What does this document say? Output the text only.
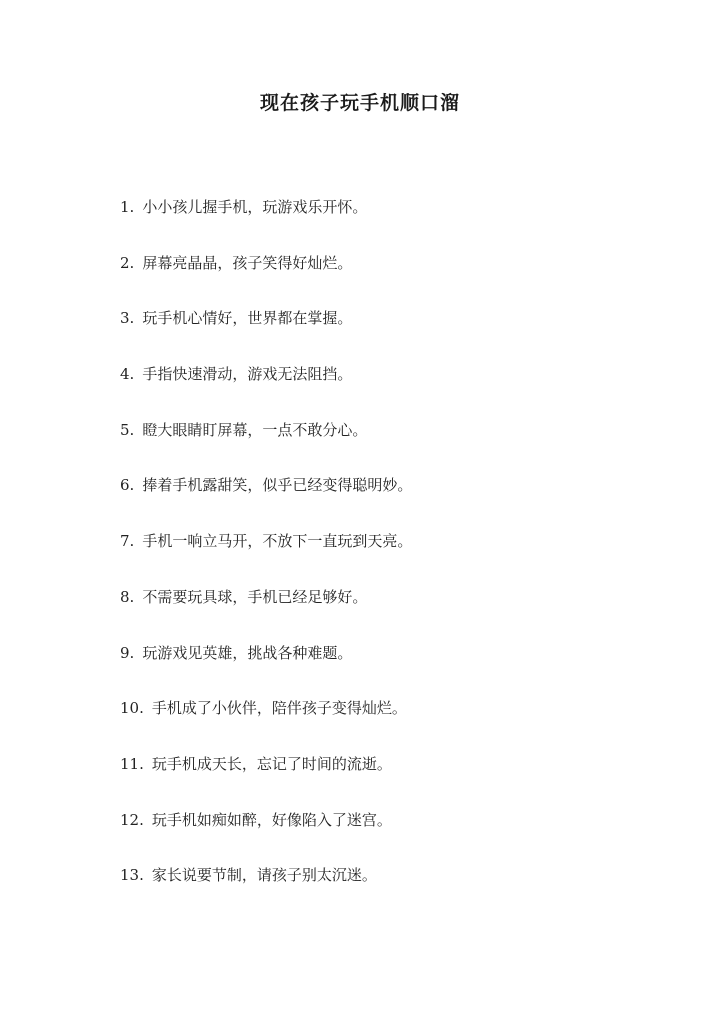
现在孩子玩手机顺口溜
1. 小小孩儿握手机，玩游戏乐开怀。
2. 屏幕亮晶晶，孩子笑得好灿烂。
3. 玩手机心情好，世界都在掌握。
4. 手指快速滑动，游戏无法阻挡。
5. 瞪大眼睛盯屏幕，一点不敢分心。
6. 捧着手机露甜笑，似乎已经变得聪明妙。
7. 手机一响立马开，不放下一直玩到天亮。
8. 不需要玩具球，手机已经足够好。
9. 玩游戏见英雄，挑战各种难题。
10. 手机成了小伙伴，陪伴孩子变得灿烂。
11. 玩手机成天长，忘记了时间的流逝。
12. 玩手机如痴如醉，好像陷入了迷宫。
13. 家长说要节制，请孩子别太沉迷。
